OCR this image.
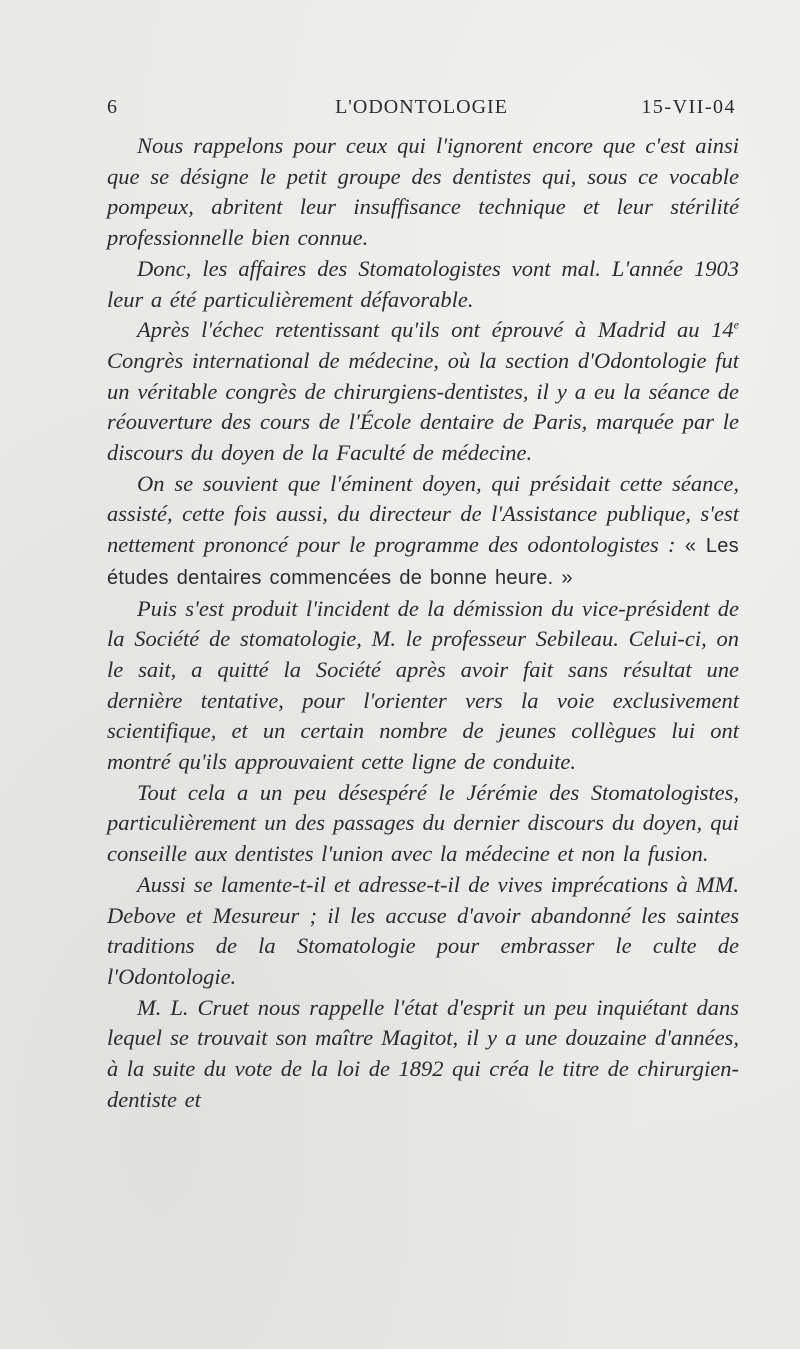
6	L'ODONTOLOGIE	15-VII-04

Nous rappelons pour ceux qui l'ignorent encore que c'est ainsi que se désigne le petit groupe des dentistes qui, sous ce vocable pompeux, abritent leur insuffisance technique et leur stérilité professionnelle bien connue.

Donc, les affaires des Stomatologistes vont mal. L'année 1903 leur a été particulièrement défavorable.

Après l'échec retentissant qu'ils ont éprouvé à Madrid au 14e Congrès international de médecine, où la section d'Odontologie fut un véritable congrès de chirurgiens-dentistes, il y a eu la séance de réouverture des cours de l'École dentaire de Paris, marquée par le discours du doyen de la Faculté de médecine.

On se souvient que l'éminent doyen, qui présidait cette séance, assisté, cette fois aussi, du directeur de l'Assistance publique, s'est nettement prononcé pour le programme des odontologistes : « Les études dentaires commencées de bonne heure. »

Puis s'est produit l'incident de la démission du vice-président de la Société de stomatologie, M. le professeur Sebileau. Celui-ci, on le sait, a quitté la Société après avoir fait sans résultat une dernière tentative, pour l'orienter vers la voie exclusivement scientifique, et un certain nombre de jeunes collègues lui ont montré qu'ils approuvaient cette ligne de conduite.

Tout cela a un peu désespéré le Jérémie des Stomatologistes, particulièrement un des passages du dernier discours du doyen, qui conseille aux dentistes l'union avec la médecine et non la fusion.

Aussi se lamente-t-il et adresse-t-il de vives imprécations à MM. Debove et Mesureur ; il les accuse d'avoir abandonné les saintes traditions de la Stomatologie pour embrasser le culte de l'Odontologie.

M. L. Cruet nous rappelle l'état d'esprit un peu inquiétant dans lequel se trouvait son maître Magitot, il y a une douzaine d'années, à la suite du vote de la loi de 1892 qui créa le titre de chirurgien-dentiste et
